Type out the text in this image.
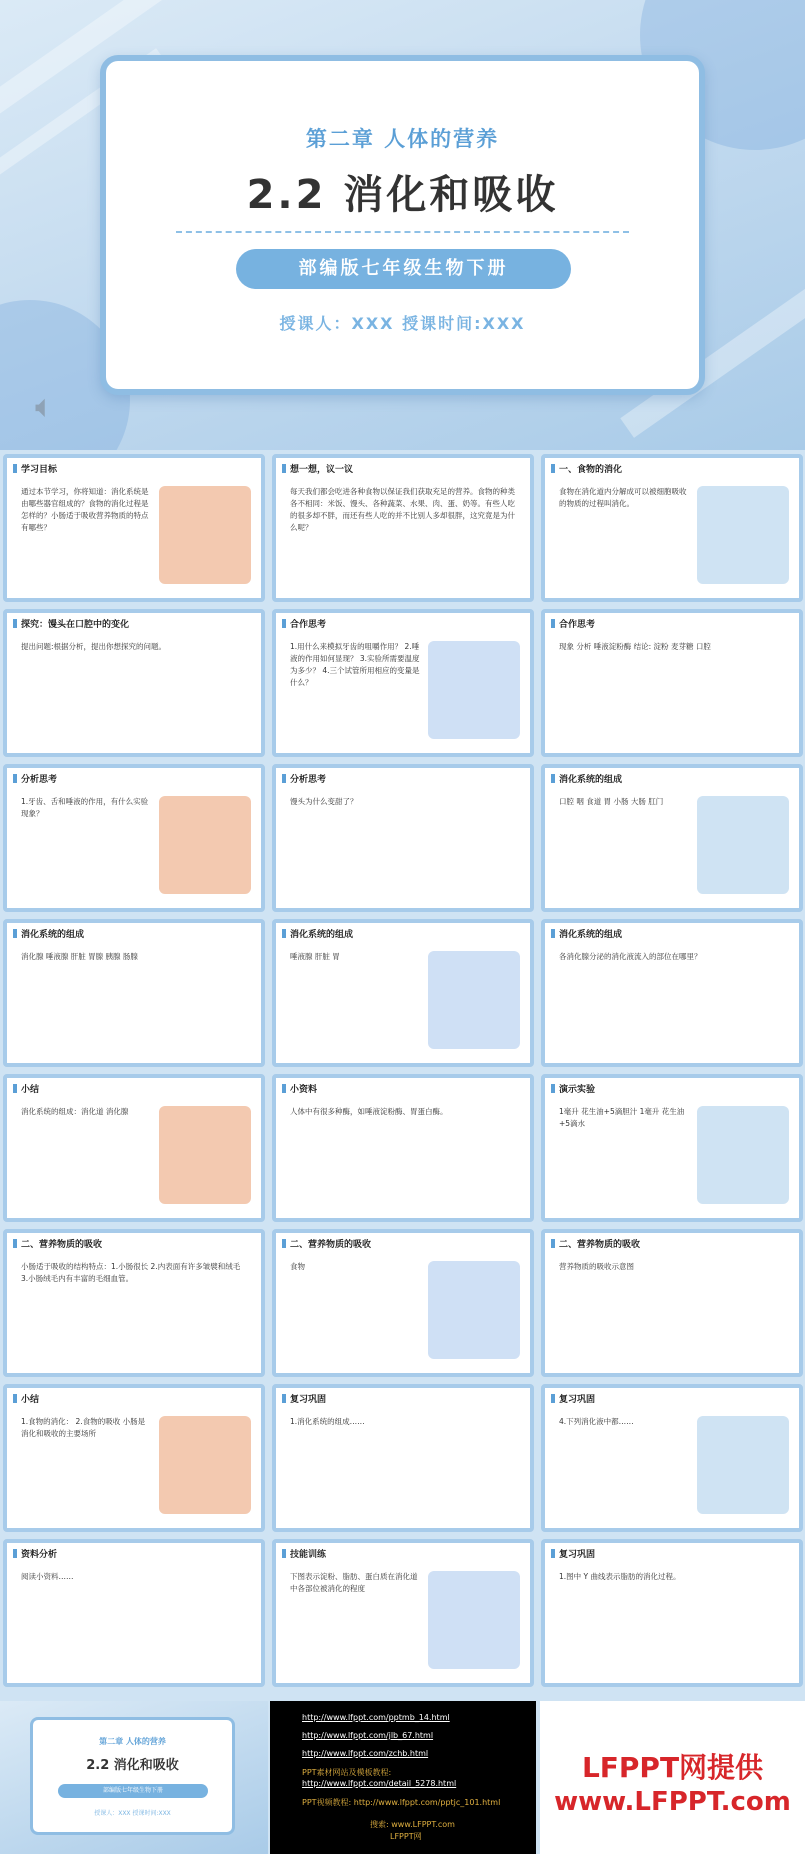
第二章 人体的营养
2.2 消化和吸收
部编版七年级生物下册
授课人：XXX 授课时间:XXX
🔈︎
学习目标
通过本节学习，你将知道：消化系统是由哪些器官组成的？食物的消化过程是怎样的？小肠适于吸收营养物质的特点有哪些？
想一想，议一议
每天我们都会吃进各种食物以保证我们获取充足的营养。食物的种类各不相同：米饭、馒头、各种蔬菜、水果、肉、蛋、奶等。有些人吃的很多却不胖，而还有些人吃的并不比别人多却很胖，这究竟是为什么呢？
一、食物的消化
食物在消化道内分解成可以被细胞吸收的物质的过程叫消化。
探究：馒头在口腔中的变化
提出问题:根据分析，提出你想探究的问题。
合作思考
1.用什么来模拟牙齿的咀嚼作用？ 2.唾液的作用如何显现？ 3.实验所需要温度为多少？ 4.三个试管所用相应的变量是什么？
合作思考
现象 分析 唾液淀粉酶 结论: 淀粉 麦芽糖 口腔
分析思考
1.牙齿、舌和唾液的作用，有什么实验现象？
分析思考
馒头为什么变甜了？
消化系统的组成
口腔 咽 食道 胃 小肠 大肠 肛门
消化系统的组成
消化腺 唾液腺 肝脏 胃腺 胰腺 肠腺
消化系统的组成
唾液腺 肝脏 胃
消化系统的组成
各消化腺分泌的消化液流入的部位在哪里？
小结
消化系统的组成：消化道 消化腺
小资料
人体中有很多种酶，如唾液淀粉酶、胃蛋白酶。
演示实验
1毫升 花生油+5滴胆汁 1毫升 花生油+5滴水
二、营养物质的吸收
小肠适于吸收的结构特点：1.小肠很长 2.内表面有许多皱襞和绒毛 3.小肠绒毛内有丰富的毛细血管。
二、营养物质的吸收
食物
二、营养物质的吸收
营养物质的吸收示意图
小结
1.食物的消化： 2.食物的吸收 小肠是消化和吸收的主要场所
复习巩固
1.消化系统的组成……
复习巩固
4.下列消化液中都……
资料分析
阅读小资料……
技能训练
下图表示淀粉、脂肪、蛋白质在消化道中各部位被消化的程度
复习巩固
1.图中 Y 曲线表示脂肪的消化过程。
第二章 人体的营养
2.2 消化和吸收
部编版七年级生物下册
授课人：XXX 授课时间:XXX
http://www.lfppt.com/pptmb_14.html
http://www.lfppt.com/jlb_67.html
http://www.lfppt.com/zchb.html
PPT素材网站及模板教程:
http://www.lfppt.com/detail_5278.html
PPT视频教程: http://www.lfppt.com/pptjc_101.html
搜索: www.LFPPT.com
LFPPT网
LFPPT网提供
www.LFPPT.com
